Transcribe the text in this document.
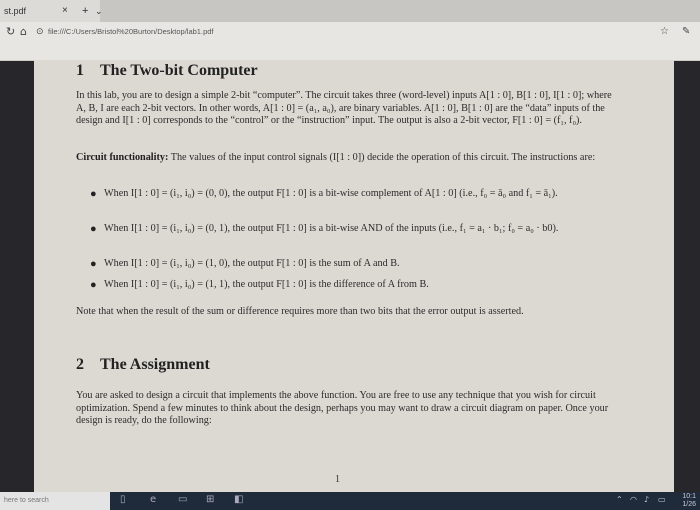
st.pdf	× + ⌄
↻ ⌂ ⊙ file:///C:/Users/Bristol%20Burton/Desktop/lab1.pdf	☆ ✎
1 The Two-bit Computer
In this lab, you are to design a simple 2-bit “computer”. The circuit takes three (word-level) inputs A[1 : 0], B[1 : 0], I[1 : 0]; where A, B, I are each 2-bit vectors. In other words, A[1 : 0] = (a₁, a₀), are binary variables. A[1 : 0], B[1 : 0] are the “data” inputs of the design and I[1 : 0] corresponds to the “control” or the “instruction” input. The output is also a 2-bit vector, F[1 : 0] = (f₁, f₀).
Circuit functionality: The values of the input control signals (I[1 : 0]) decide the operation of this circuit. The instructions are:
● When I[1 : 0] = (i₁, i₀) = (0, 0), the output F[1 : 0] is a bit-wise complement of A[1 : 0] (i.e., f₀ = ā₀ and f₁ = ā₁).
● When I[1 : 0] = (i₁, i₀) = (0, 1), the output F[1 : 0] is a bit-wise AND of the inputs (i.e., f₁ = a₁ · b₁; f₀ = a₀ · b0).
● When I[1 : 0] = (i₁, i₀) = (1, 0), the output F[1 : 0] is the sum of A and B.
● When I[1 : 0] = (i₁, i₀) = (1, 1), the output F[1 : 0] is the difference of A from B.
Note that when the result of the sum or difference requires more than two bits that the error output is asserted.
2 The Assignment
You are asked to design a circuit that implements the above function. You are free to use any technique that you wish for circuit optimization. Spend a few minutes to think about the design, perhaps you may want to draw a circuit diagram on paper. Once your design is ready, do the following:
1
here to search	▯ e ▭ ⊞ ◧	⌃ ◠ ♪ ▭ 10:1
1/26
